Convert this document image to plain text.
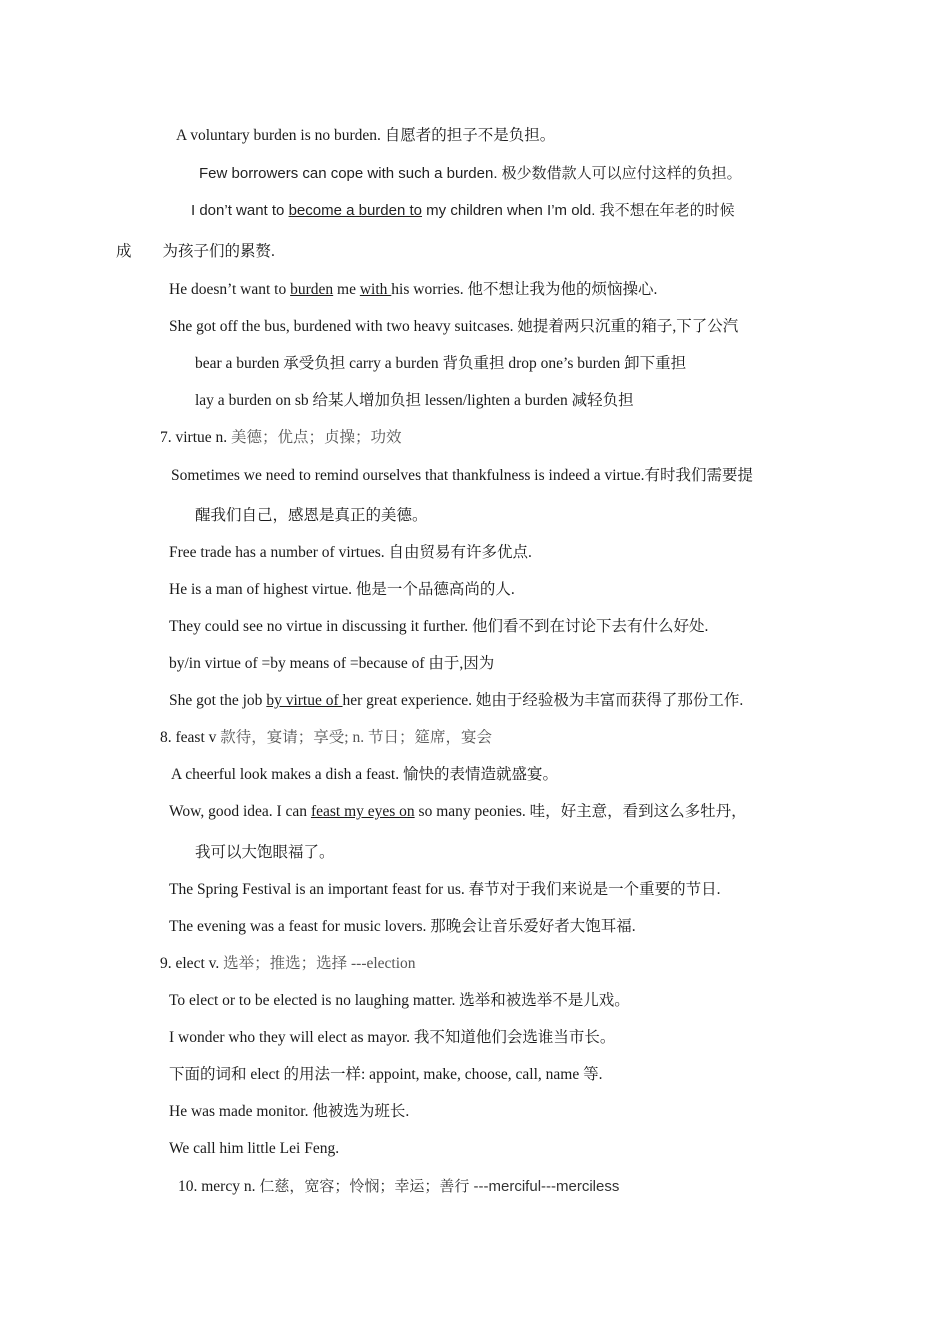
A voluntary burden is no burden. 自愿者的担子不是负担。
Few borrowers can cope with such a burden. 极少数借款人可以应付这样的负担。
I don’t want to become a burden to my children when I’m old. 我不想在年老的时候
成 为孩子们的累赘.
He doesn’t want to burden me with his worries. 他不想让我为他的烦恼操心.
She got off the bus, burdened with two heavy suitcases. 她提着两只沉重的箱子,下了公汽
bear a burden 承受负担 carry a burden 背负重担 drop one’s burden 卸下重担
lay a burden on sb 给某人增加负担 lessen/lighten a burden 减轻负担
7. virtue n. 美德；优点；贞操；功效
Sometimes we need to remind ourselves that thankfulness is indeed a virtue.有时我们需要提
醒我们自己，感恩是真正的美德。
Free trade has a number of virtues. 自由贸易有许多优点.
He is a man of highest virtue. 他是一个品德高尚的人.
They could see no virtue in discussing it further. 他们看不到在讨论下去有什么好处.
by/in virtue of =by means of =because of 由于,因为
She got the job by virtue of her great experience. 她由于经验极为丰富而获得了那份工作.
8. feast v 款待，宴请；享受; n. 节日；筵席，宴会
A cheerful look makes a dish a feast. 愉快的表情造就盛宴。
Wow, good idea. I can feast my eyes on so many peonies. 哇，好主意，看到这么多牡丹，
我可以大饱眼福了。
The Spring Festival is an important feast for us. 春节对于我们来说是一个重要的节日.
The evening was a feast for music lovers. 那晚会让音乐爱好者大饱耳福.
9. elect v. 选举；推选；选择 ---election
To elect or to be elected is no laughing matter. 选举和被选举不是儿戏。
I wonder who they will elect as mayor. 我不知道他们会选谁当市长。
下面的词和 elect 的用法一样: appoint, make, choose, call, name 等.
He was made monitor. 他被选为班长.
We call him little Lei Feng.
10. mercy n. 仁慈，宽容；怜悯；幸运；善行 ---merciful---merciless
